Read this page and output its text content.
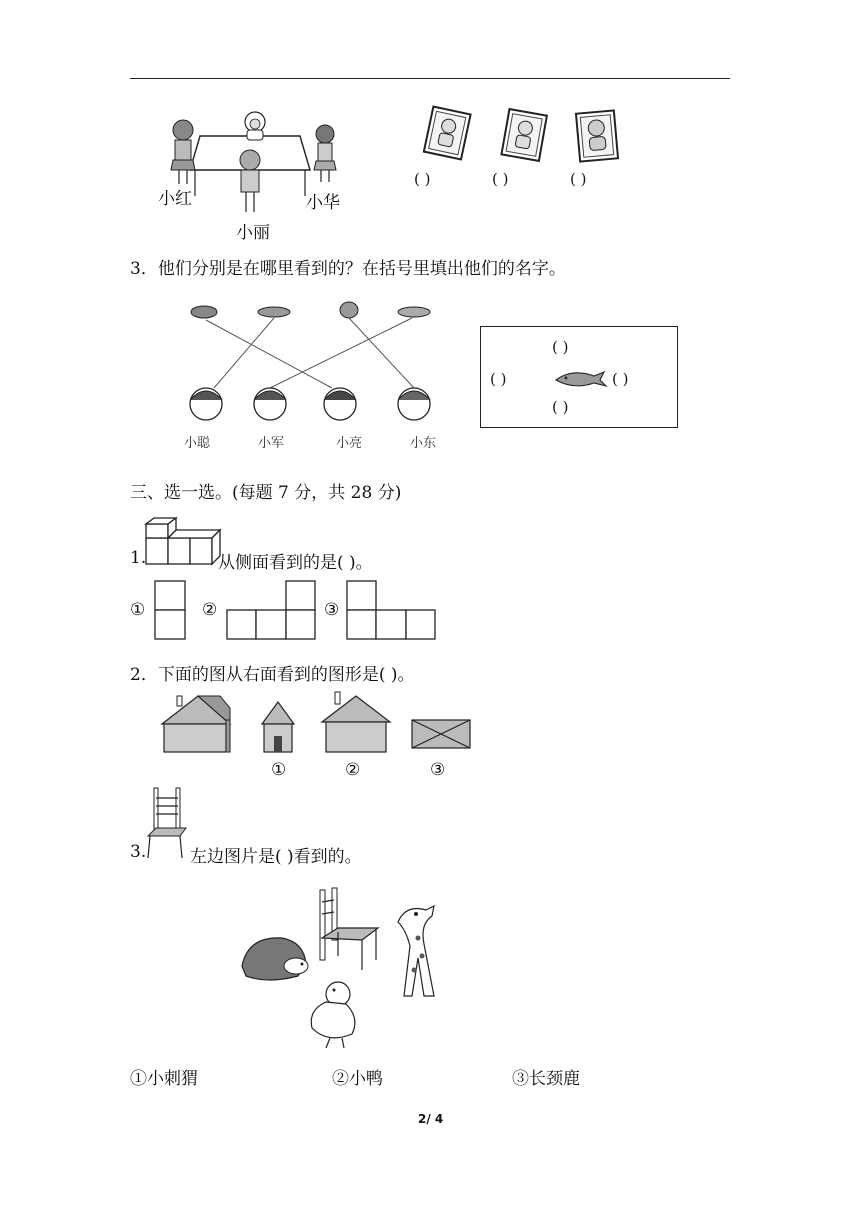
小红
小丽
小华
( )	( )	( )
3．他们分别是在哪里看到的？在括号里填出他们的名字。
小聪	小军	小亮	小东
( )
( )	( )
( )
三、选一选。(每题 7 分，共 28 分)
1.	从侧面看到的是( )。
①	②	③
2．下面的图从右面看到的图形是( )。
①	②	③
3.	左边图片是( )看到的。
①小刺猬	②小鸭	③长颈鹿
2/ 4
